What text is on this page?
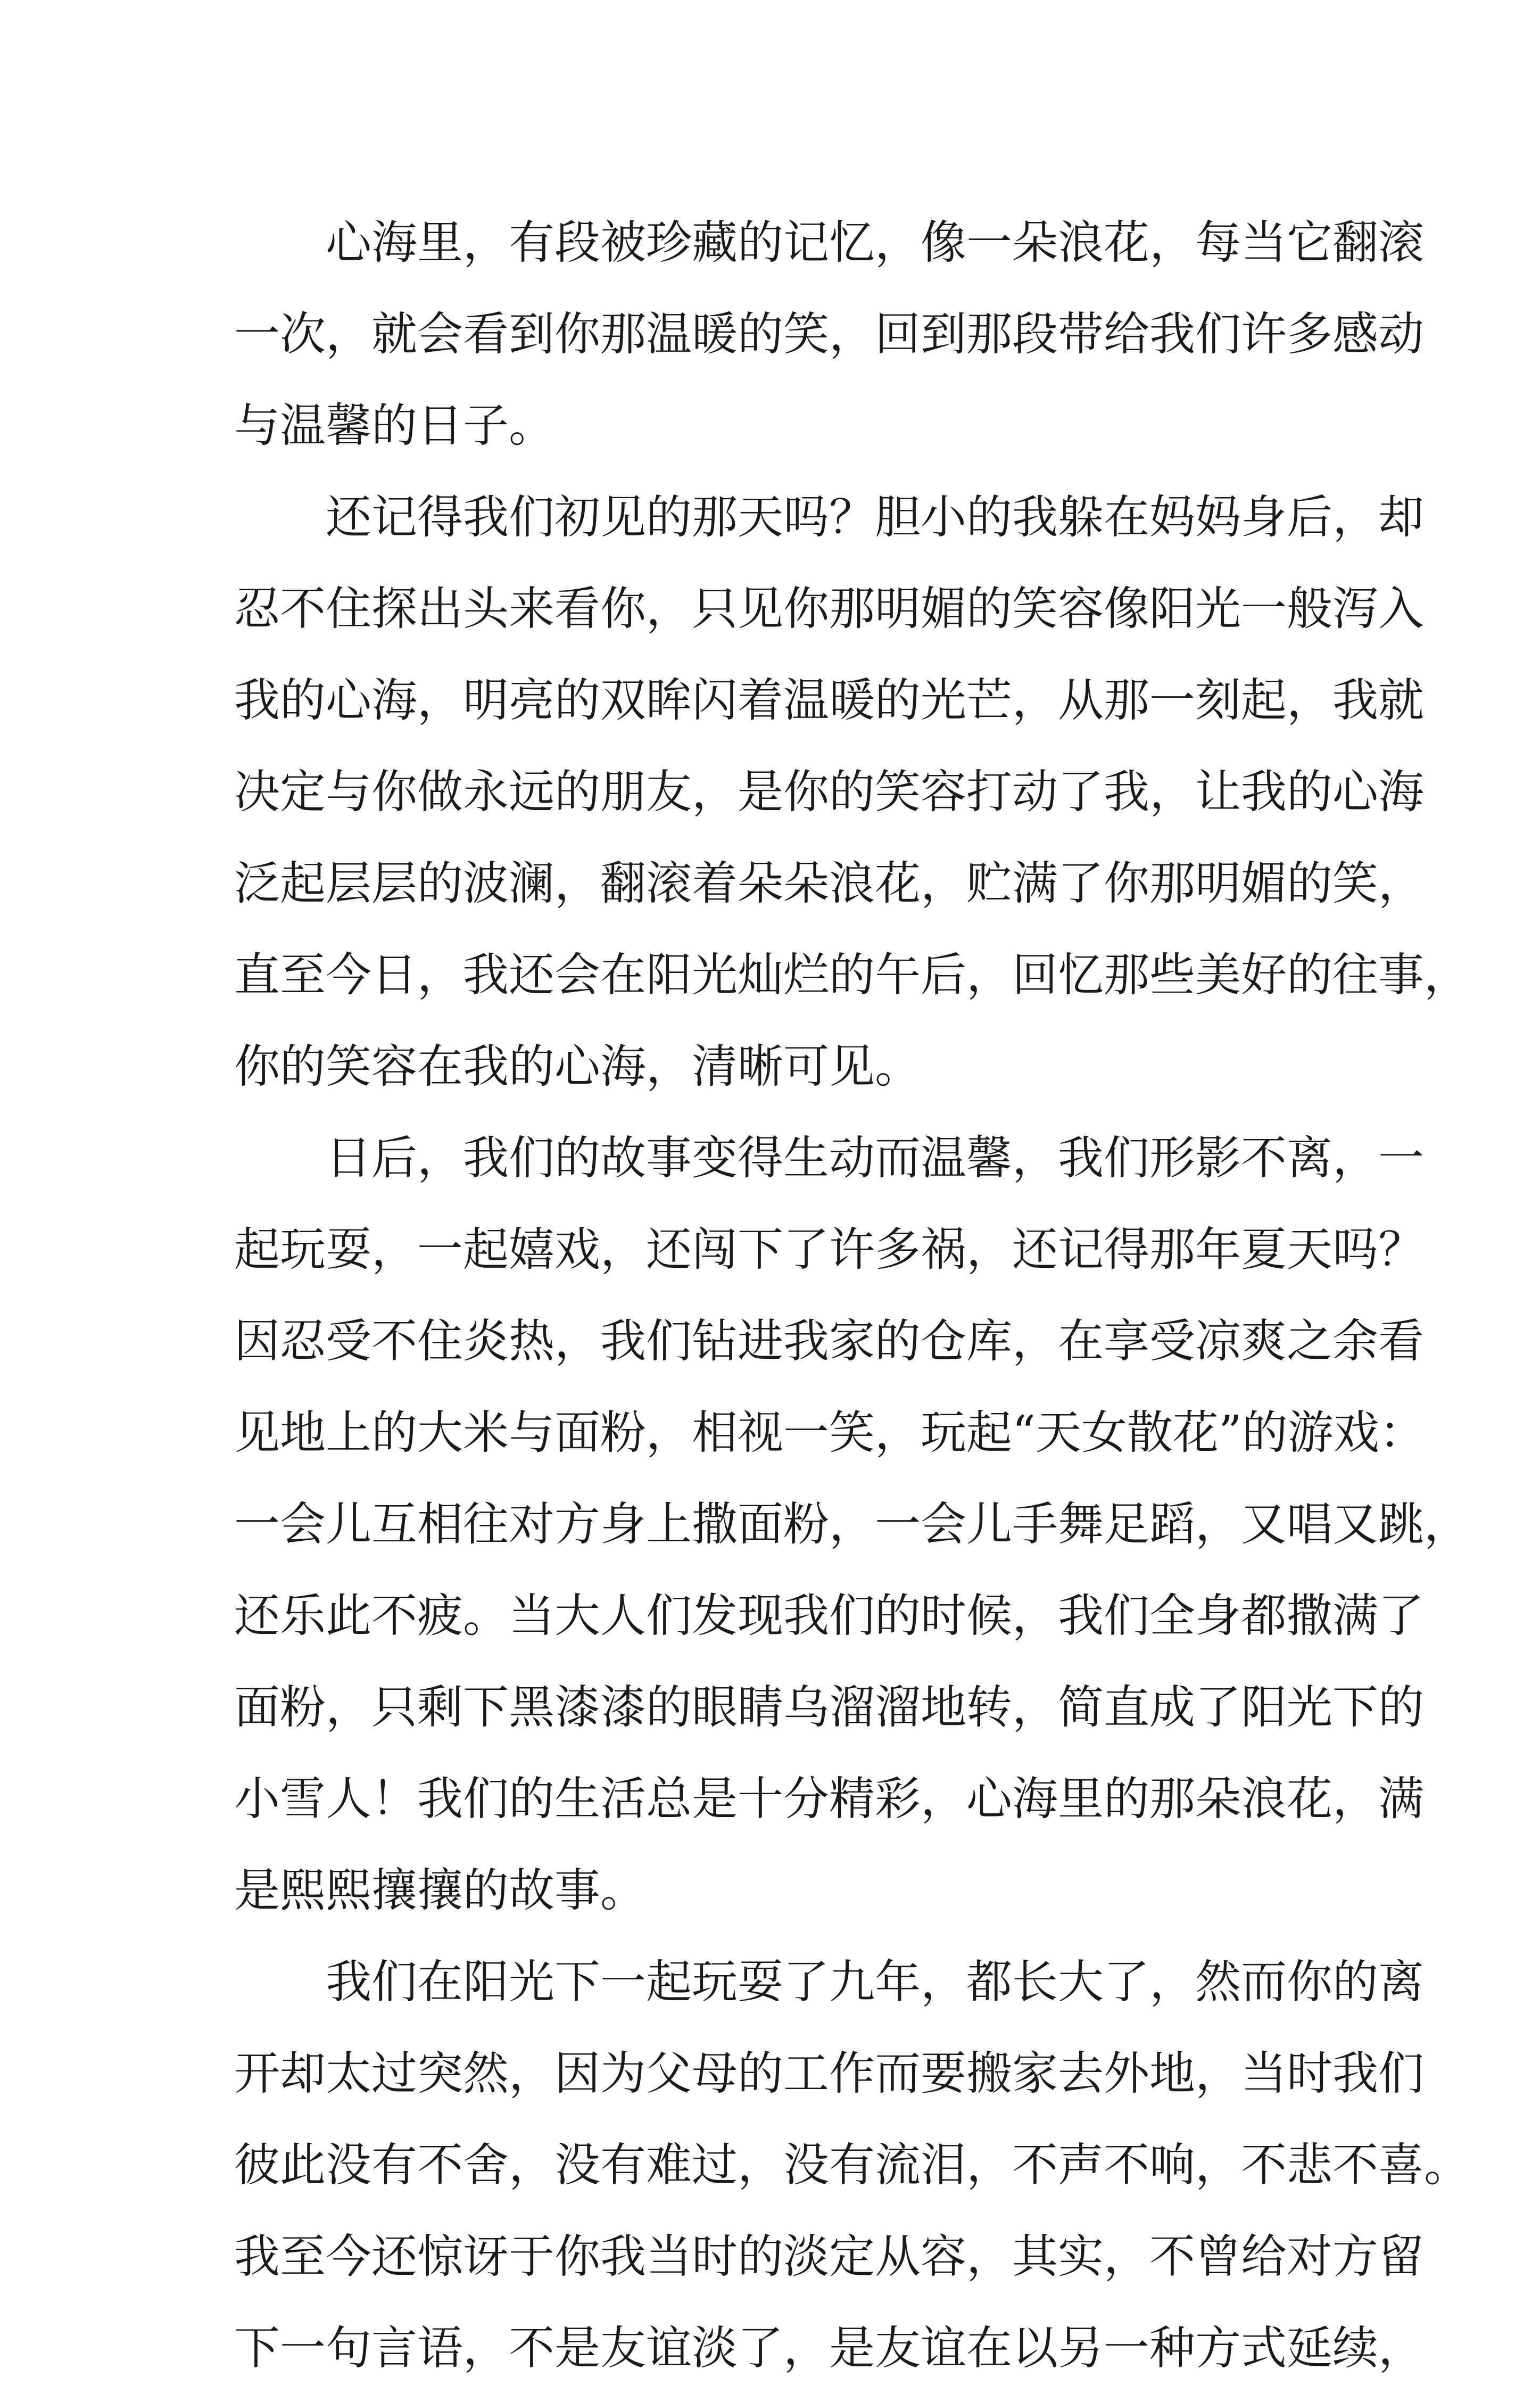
心海里，有段被珍藏的记忆，像一朵浪花，每当它翻滚
一次，就会看到你那温暖的笑，回到那段带给我们许多感动
与温馨的日子。
还记得我们初见的那天吗？胆小的我躲在妈妈身后，却
忍不住探出头来看你，只见你那明媚的笑容像阳光一般泻入
我的心海，明亮的双眸闪着温暖的光芒，从那一刻起，我就
决定与你做永远的朋友，是你的笑容打动了我，让我的心海
泛起层层的波澜，翻滚着朵朵浪花，贮满了你那明媚的笑，
直至今日，我还会在阳光灿烂的午后，回忆那些美好的往事，
你的笑容在我的心海，清晰可见。
日后，我们的故事变得生动而温馨，我们形影不离，一
起玩耍，一起嬉戏，还闯下了许多祸，还记得那年夏天吗？
因忍受不住炎热，我们钻进我家的仓库，在享受凉爽之余看
见地上的大米与面粉，相视一笑，玩起“天女散花”的游戏：
一会儿互相往对方身上撒面粉，一会儿手舞足蹈，又唱又跳，
还乐此不疲。当大人们发现我们的时候，我们全身都撒满了
面粉，只剩下黑漆漆的眼睛乌溜溜地转，简直成了阳光下的
小雪人！我们的生活总是十分精彩，心海里的那朵浪花，满
是熙熙攘攘的故事。
我们在阳光下一起玩耍了九年，都长大了，然而你的离
开却太过突然，因为父母的工作而要搬家去外地，当时我们
彼此没有不舍，没有难过，没有流泪，不声不响，不悲不喜。
我至今还惊讶于你我当时的淡定从容，其实，不曾给对方留
下一句言语，不是友谊淡了，是友谊在以另一种方式延续，
